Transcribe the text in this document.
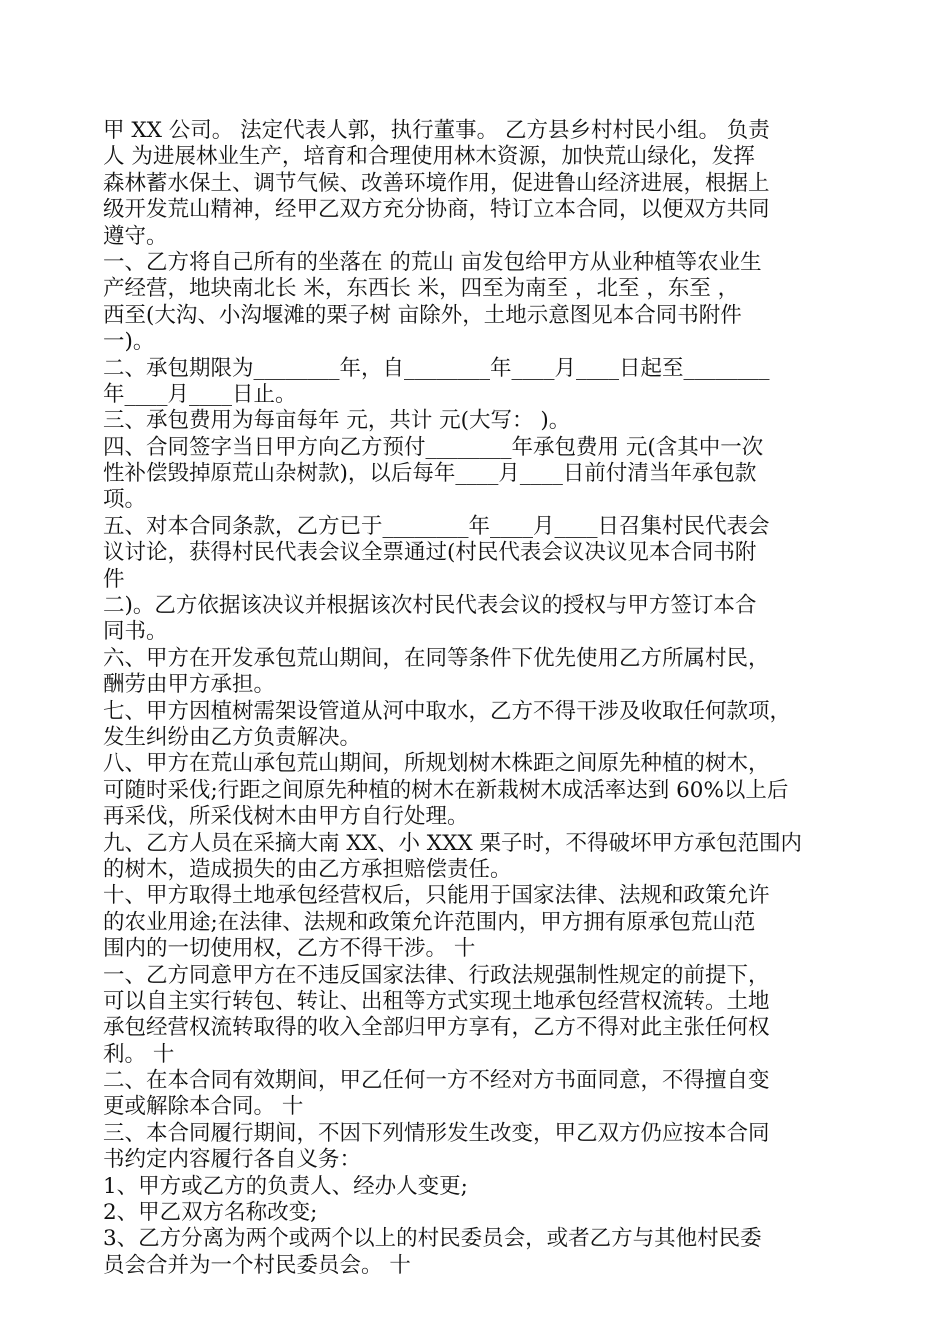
甲 XX 公司。 法定代表人郭，执行董事。 乙方县乡村村民小组。 负责
人 为进展林业生产，培育和合理使用林木资源，加快荒山绿化，发挥
森林蓄水保土、调节气候、改善环境作用，促进鲁山经济进展，根据上
级开发荒山精神，经甲乙双方充分协商，特订立本合同，以便双方共同
遵守。
一、乙方将自己所有的坐落在 的荒山 亩发包给甲方从业种植等农业生
产经营，地块南北长 米，东西长 米，四至为南至 ，北至 ，东至 ，
西至(大沟、小沟堰滩的栗子树 亩除外，土地示意图见本合同书附件
一)。
二、承包期限为________年，自________年____月____日起至________
年____月____日止。
三、承包费用为每亩每年 元，共计 元(大写： )。
四、合同签字当日甲方向乙方预付________年承包费用 元(含其中一次
性补偿毁掉原荒山杂树款)，以后每年____月____日前付清当年承包款
项。
五、对本合同条款，乙方已于________年____月____日召集村民代表会
议讨论，获得村民代表会议全票通过(村民代表会议决议见本合同书附
件
二)。乙方依据该决议并根据该次村民代表会议的授权与甲方签订本合
同书。
六、甲方在开发承包荒山期间，在同等条件下优先使用乙方所属村民，
酬劳由甲方承担。
七、甲方因植树需架设管道从河中取水，乙方不得干涉及收取任何款项，
发生纠纷由乙方负责解决。
八、甲方在荒山承包荒山期间，所规划树木株距之间原先种植的树木，
可随时采伐;行距之间原先种植的树木在新栽树木成活率达到 60%以上后
再采伐，所采伐树木由甲方自行处理。
九、乙方人员在采摘大南 XX、小 XXX 栗子时，不得破坏甲方承包范围内
的树木，造成损失的由乙方承担赔偿责任。
十、甲方取得土地承包经营权后，只能用于国家法律、法规和政策允许
的农业用途;在法律、法规和政策允许范围内，甲方拥有原承包荒山范
围内的一切使用权，乙方不得干涉。 十
一、乙方同意甲方在不违反国家法律、行政法规强制性规定的前提下，
可以自主实行转包、转让、出租等方式实现土地承包经营权流转。土地
承包经营权流转取得的收入全部归甲方享有，乙方不得对此主张任何权
利。 十
二、在本合同有效期间，甲乙任何一方不经对方书面同意，不得擅自变
更或解除本合同。 十
三、本合同履行期间，不因下列情形发生改变，甲乙双方仍应按本合同
书约定内容履行各自义务：
1、甲方或乙方的负责人、经办人变更;
2、甲乙双方名称改变;
3、乙方分离为两个或两个以上的村民委员会，或者乙方与其他村民委
员会合并为一个村民委员会。 十
